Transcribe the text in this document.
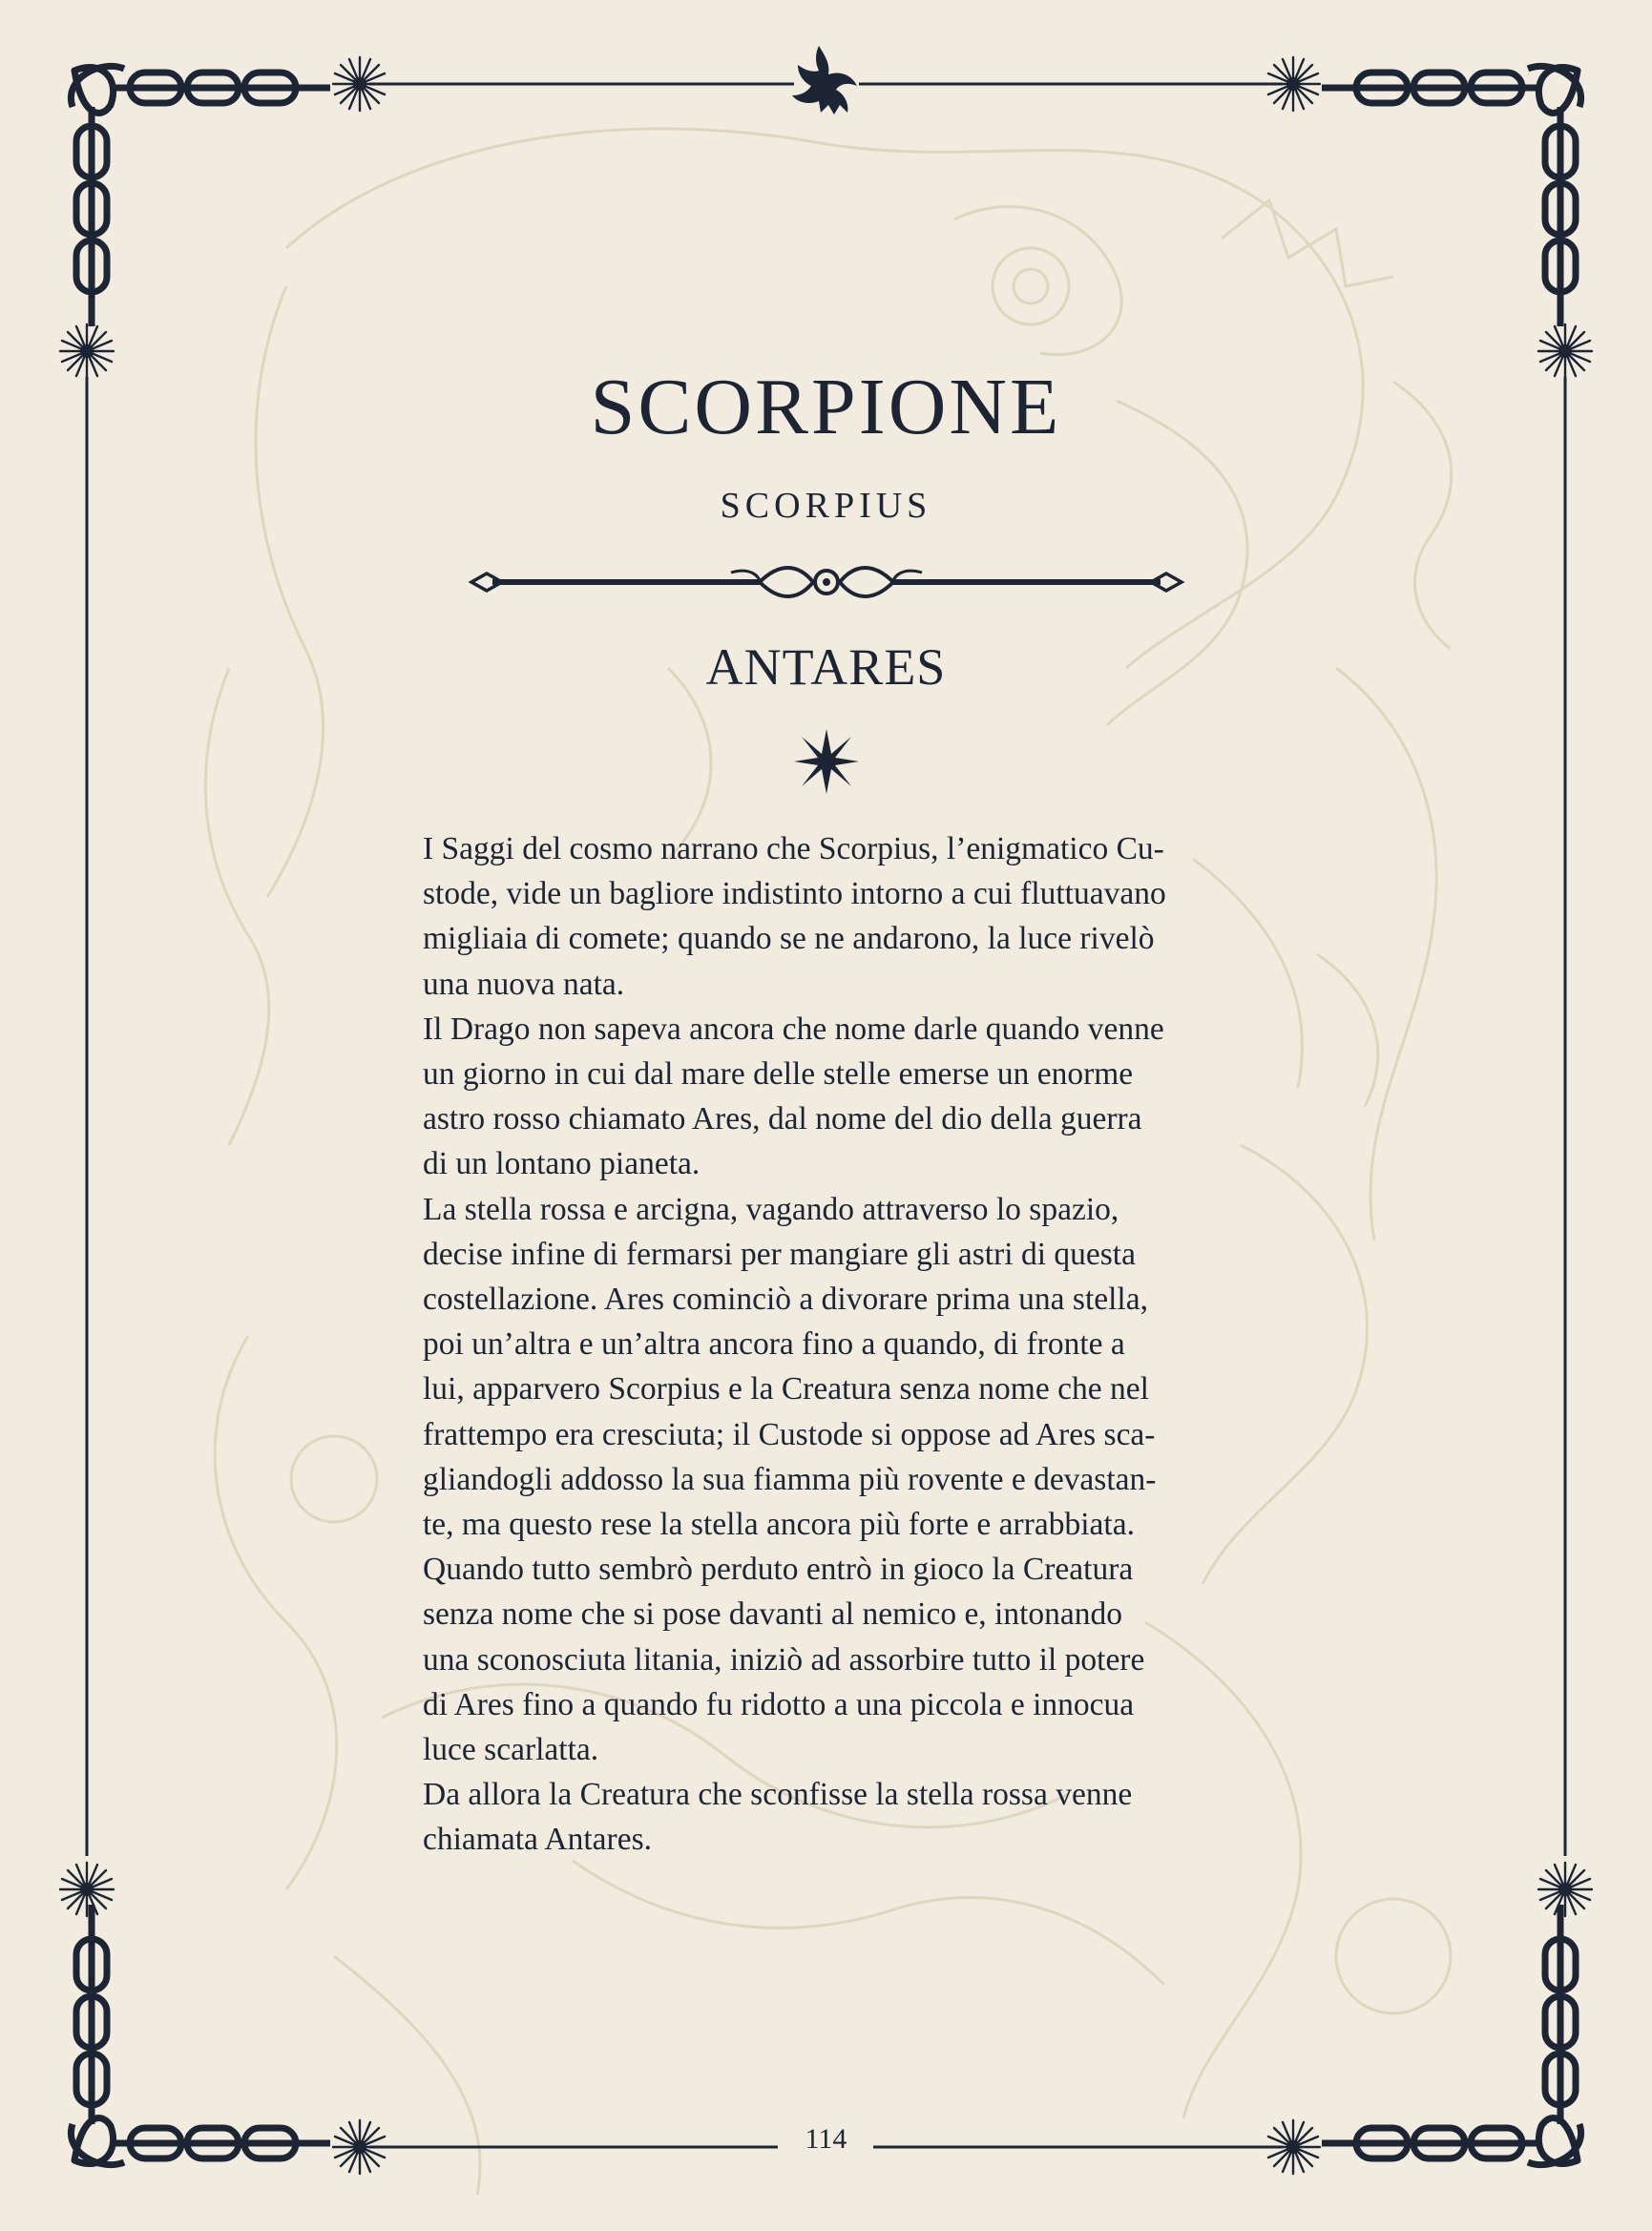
SCORPIONE
SCORPIUS
ANTARES
I Saggi del cosmo narrano che Scorpius, l’enigmatico Cu-
stode, vide un bagliore indistinto intorno a cui fluttuavano
migliaia di comete; quando se ne andarono, la luce rivelò
una nuova nata.
Il Drago non sapeva ancora che nome darle quando venne
un giorno in cui dal mare delle stelle emerse un enorme
astro rosso chiamato Ares, dal nome del dio della guerra
di un lontano pianeta.
La stella rossa e arcigna, vagando attraverso lo spazio,
decise infine di fermarsi per mangiare gli astri di questa
costellazione. Ares cominciò a divorare prima una stella,
poi un’altra e un’altra ancora fino a quando, di fronte a
lui, apparvero Scorpius e la Creatura senza nome che nel
frattempo era cresciuta; il Custode si oppose ad Ares sca-
gliandogli addosso la sua fiamma più rovente e devastan-
te, ma questo rese la stella ancora più forte e arrabbiata.
Quando tutto sembrò perduto entrò in gioco la Creatura
senza nome che si pose davanti al nemico e, intonando
una sconosciuta litania, iniziò ad assorbire tutto il potere
di Ares fino a quando fu ridotto a una piccola e innocua
luce scarlatta.
Da allora la Creatura che sconfisse la stella rossa venne
chiamata Antares.
114
